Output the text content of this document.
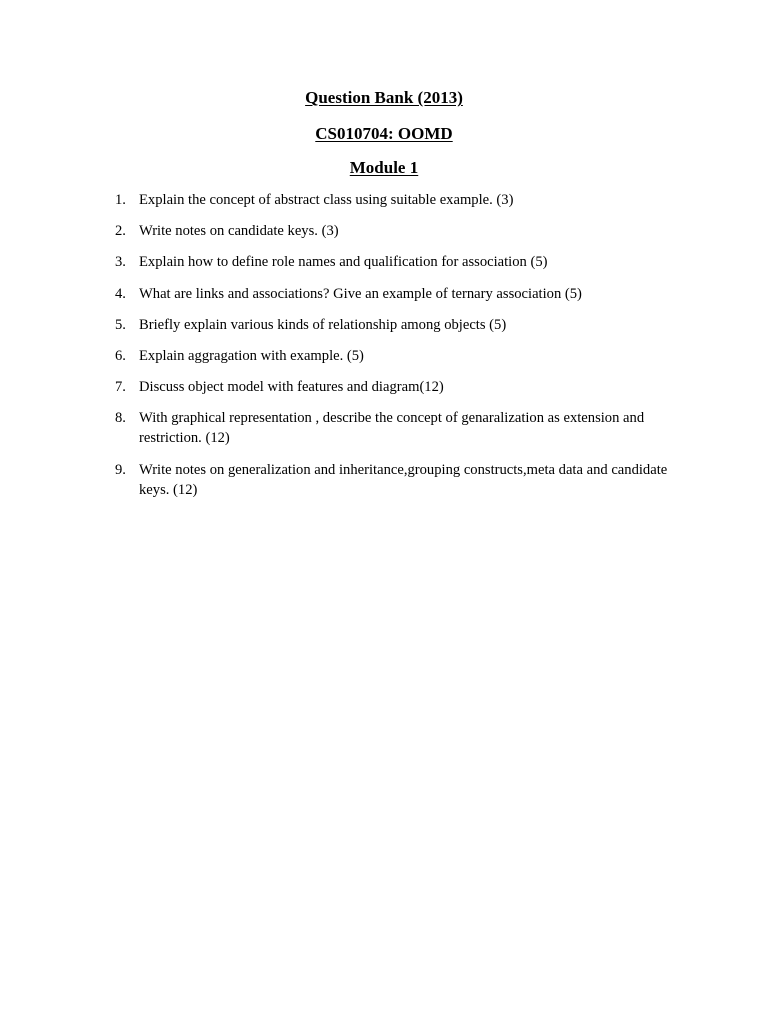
Question Bank (2013)
CS010704: OOMD
Module 1
1. Explain the concept of abstract class using suitable example. (3)
2. Write notes on candidate keys. (3)
3. Explain how to define role names and qualification for association (5)
4. What are links and associations? Give an example of ternary association (5)
5. Briefly explain various kinds of relationship among objects (5)
6. Explain aggragation with example. (5)
7. Discuss object model with features and diagram(12)
8. With graphical representation , describe the concept of genaralization as extension and restriction. (12)
9. Write notes on generalization and inheritance,grouping constructs,meta data and candidate keys. (12)
